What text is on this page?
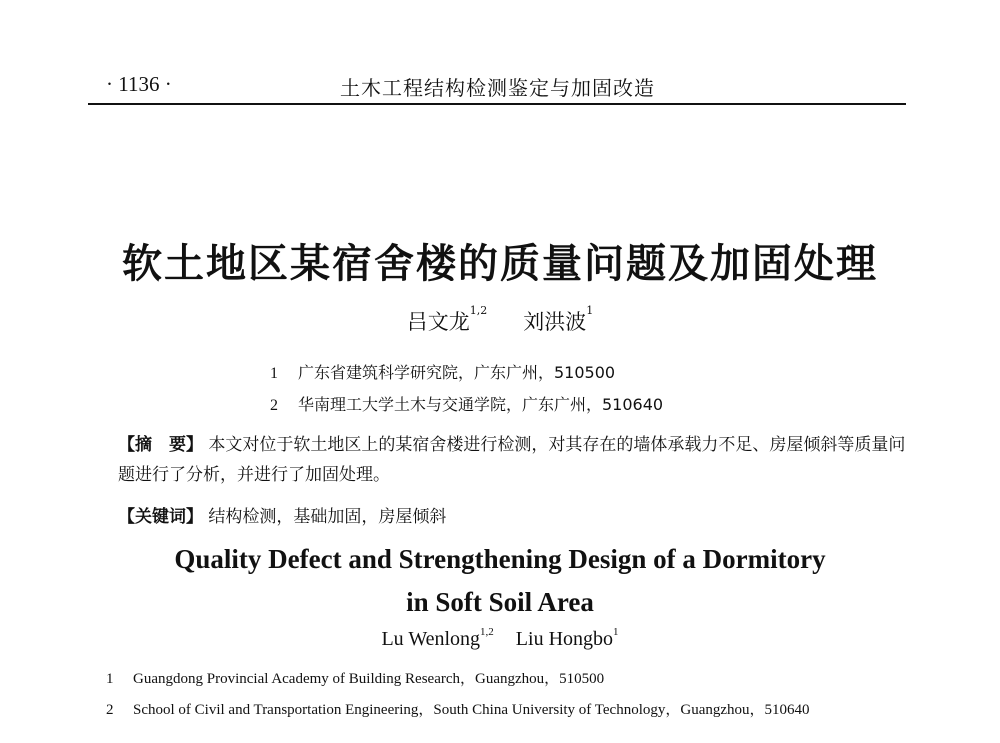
· 1136 ·	土木工程结构检测鉴定与加固改造
软土地区某宿舍楼的质量问题及加固处理
吕文龙$^{1,2}$ 刘洪波$^1$
1 广东省建筑科学研究院，广东广州，510500
2 华南理工大学土木与交通学院，广东广州，510640
【摘　要】 本文对位于软土地区上的某宿舍楼进行检测，对其存在的墙体承载力不足、房屋倾斜等质量问题进行了分析，并进行了加固处理。
【关键词】 结构检测，基础加固，房屋倾斜
Quality Defect and Strengthening Design of a Dormitory
in Soft Soil Area
Lu Wenlong$^{1,2}$ Liu Hongbo$^1$
1 Guangdong Provincial Academy of Building Research，Guangzhou，510500
2 School of Civil and Transportation Engineering，South China University of Technology，Guangzhou，510640
